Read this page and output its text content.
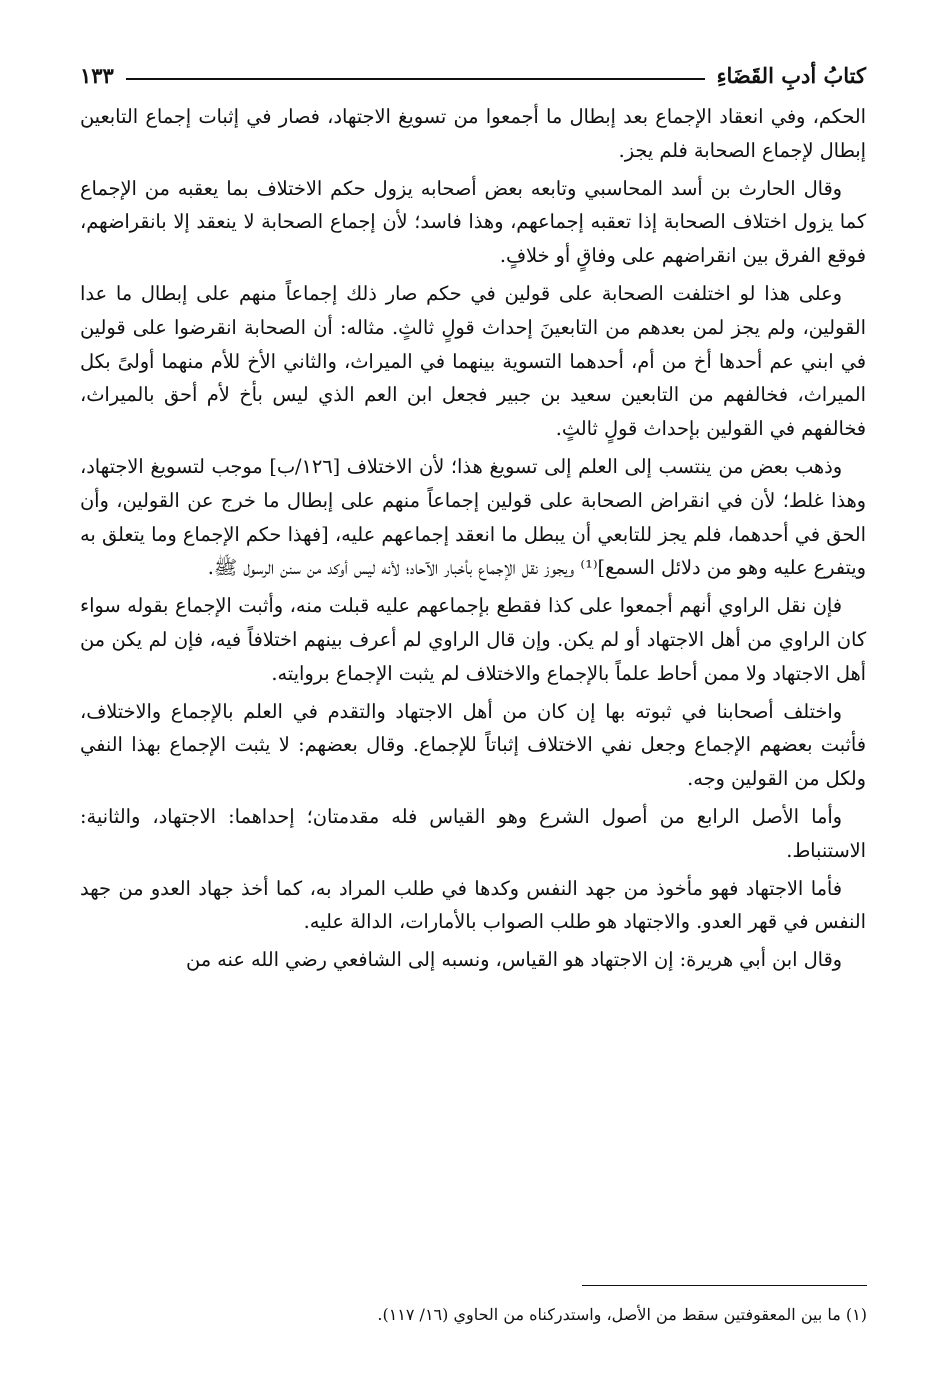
كتابُ أدبِ القَضَاءِ
١٣٣

الحكم، وفي انعقاد الإجماع بعد إبطال ما أجمعوا من تسويغ الاجتهاد، فصار في إثبات إجماع التابعين إبطال لإجماع الصحابة فلم يجز.

وقال الحارث بن أسد المحاسبي وتابعه بعض أصحابه يزول حكم الاختلاف بما يعقبه من الإجماع كما يزول اختلاف الصحابة إذا تعقبه إجماعهم، وهذا فاسد؛ لأن إجماع الصحابة لا ينعقد إلا بانقراضهم، فوقع الفرق بين انقراضهم على وفاقٍ أو خلافٍ.

وعلى هذا لو اختلفت الصحابة على قولين في حكم صار ذلك إجماعاً منهم على إبطال ما عدا القولين، ولم يجز لمن بعدهم من التابعينَ إحداث قولٍ ثالثٍ. مثاله: أن الصحابة انقرضوا على قولين في ابني عم أحدها أخ من أم، أحدهما التسوية بينهما في الميراث، والثاني الأخ للأم منهما أولىً بكل الميراث، فخالفهم من التابعين سعيد بن جبير فجعل ابن العم الذي ليس بأخ لأم أحق بالميراث، فخالفهم في القولين بإحداث قولٍ ثالثٍ.

وذهب بعض من ينتسب إلى العلم إلى تسويغ هذا؛ لأن الاختلاف [١٢٦/ب] موجب لتسويغ الاجتهاد، وهذا غلط؛ لأن في انقراض الصحابة على قولين إجماعاً منهم على إبطال ما خرج عن القولين، وأن الحق في أحدهما، فلم يجز للتابعي أن يبطل ما انعقد إجماعهم عليه، [فهذا حكم الإجماع وما يتعلق به ويتفرع عليه وهو من دلائل السمع]⁽¹⁾ ويجوز نقل الإجماع بأخبار الآحاد؛ لأنه ليس أوكد من سنن الرسول ﷺ.

فإن نقل الراوي أنهم أجمعوا على كذا فقطع بإجماعهم عليه قبلت منه، وأثبت الإجماع بقوله سواء كان الراوي من أهل الاجتهاد أو لم يكن. وإن قال الراوي لم أعرف بينهم اختلافاً فيه، فإن لم يكن من أهل الاجتهاد ولا ممن أحاط علماً بالإجماع والاختلاف لم يثبت الإجماع بروايته.

واختلف أصحابنا في ثبوته بها إن كان من أهل الاجتهاد والتقدم في العلم بالإجماع والاختلاف، فأثبت بعضهم الإجماع وجعل نفي الاختلاف إثباتاً للإجماع. وقال بعضهم: لا يثبت الإجماع بهذا النفي ولكل من القولين وجه.

وأما الأصل الرابع من أصول الشرع وهو القياس فله مقدمتان؛ إحداهما: الاجتهاد، والثانية: الاستنباط.

فأما الاجتهاد فهو مأخوذ من جهد النفس وكدها في طلب المراد به، كما أخذ جهاد العدو من جهد النفس في قهر العدو. والاجتهاد هو طلب الصواب بالأمارات، الدالة عليه.

وقال ابن أبي هريرة: إن الاجتهاد هو القياس، ونسبه إلى الشافعي رضي الله عنه من

(١) ما بين المعقوفتين سقط من الأصل، واستدركناه من الحاوي (١٦/ ١١٧).
